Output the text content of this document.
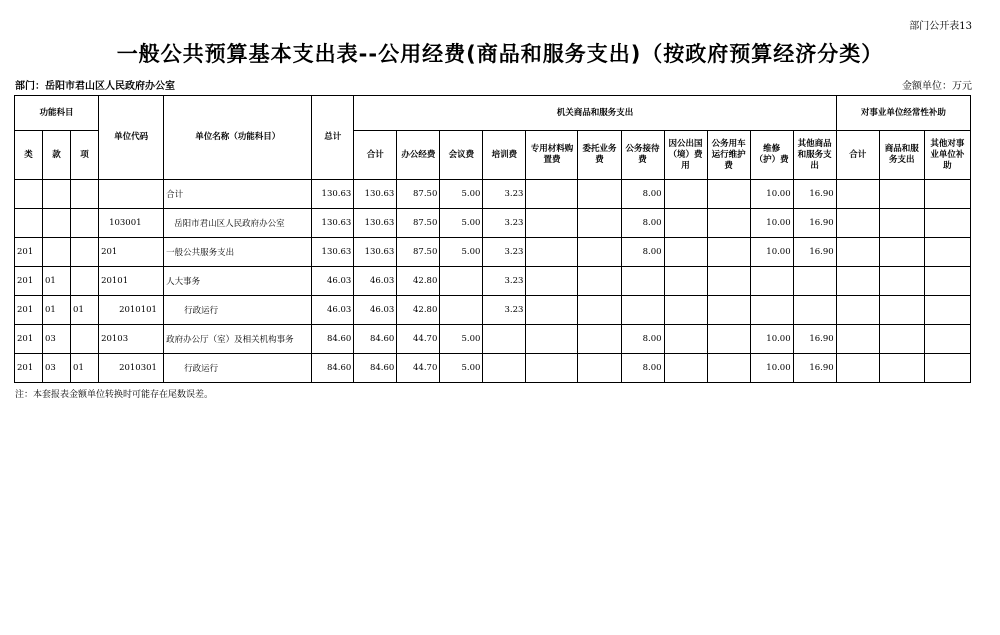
部门公开表13
一般公共预算基本支出表--公用经费(商品和服务支出)（按政府预算经济分类）
部门：岳阳市君山区人民政府办公室	金额单位：万元
功能科目			单位代码	单位名称（功能科目）	总计	机关商品和服务支出											对事业单位经常性补助		
类	款	项				合计	办公经费	会议费	培训费	专用材料购置费	委托业务费	公务接待费	因公出国（境）费用	公务用车运行维护费	维修（护）费	其他商品和服务支出	合计	商品和服务支出	其他对事业单位补助
				合计	130.63	130.63	87.50	5.00	3.23			8.00			10.00	16.90			
			103001	岳阳市君山区人民政府办公室	130.63	130.63	87.50	5.00	3.23			8.00			10.00	16.90			
201			201	一般公共服务支出	130.63	130.63	87.50	5.00	3.23			8.00			10.00	16.90			
201	01		20101	人大事务	46.03	46.03	42.80		3.23										
201	01	01	2010101	行政运行	46.03	46.03	42.80		3.23										
201	03		20103	政府办公厅（室）及相关机构事务	84.60	84.60	44.70	5.00				8.00			10.00	16.90			
201	03	01	2010301	行政运行	84.60	84.60	44.70	5.00				8.00			10.00	16.90			
注：本套报表金额单位转换时可能存在尾数误差。
